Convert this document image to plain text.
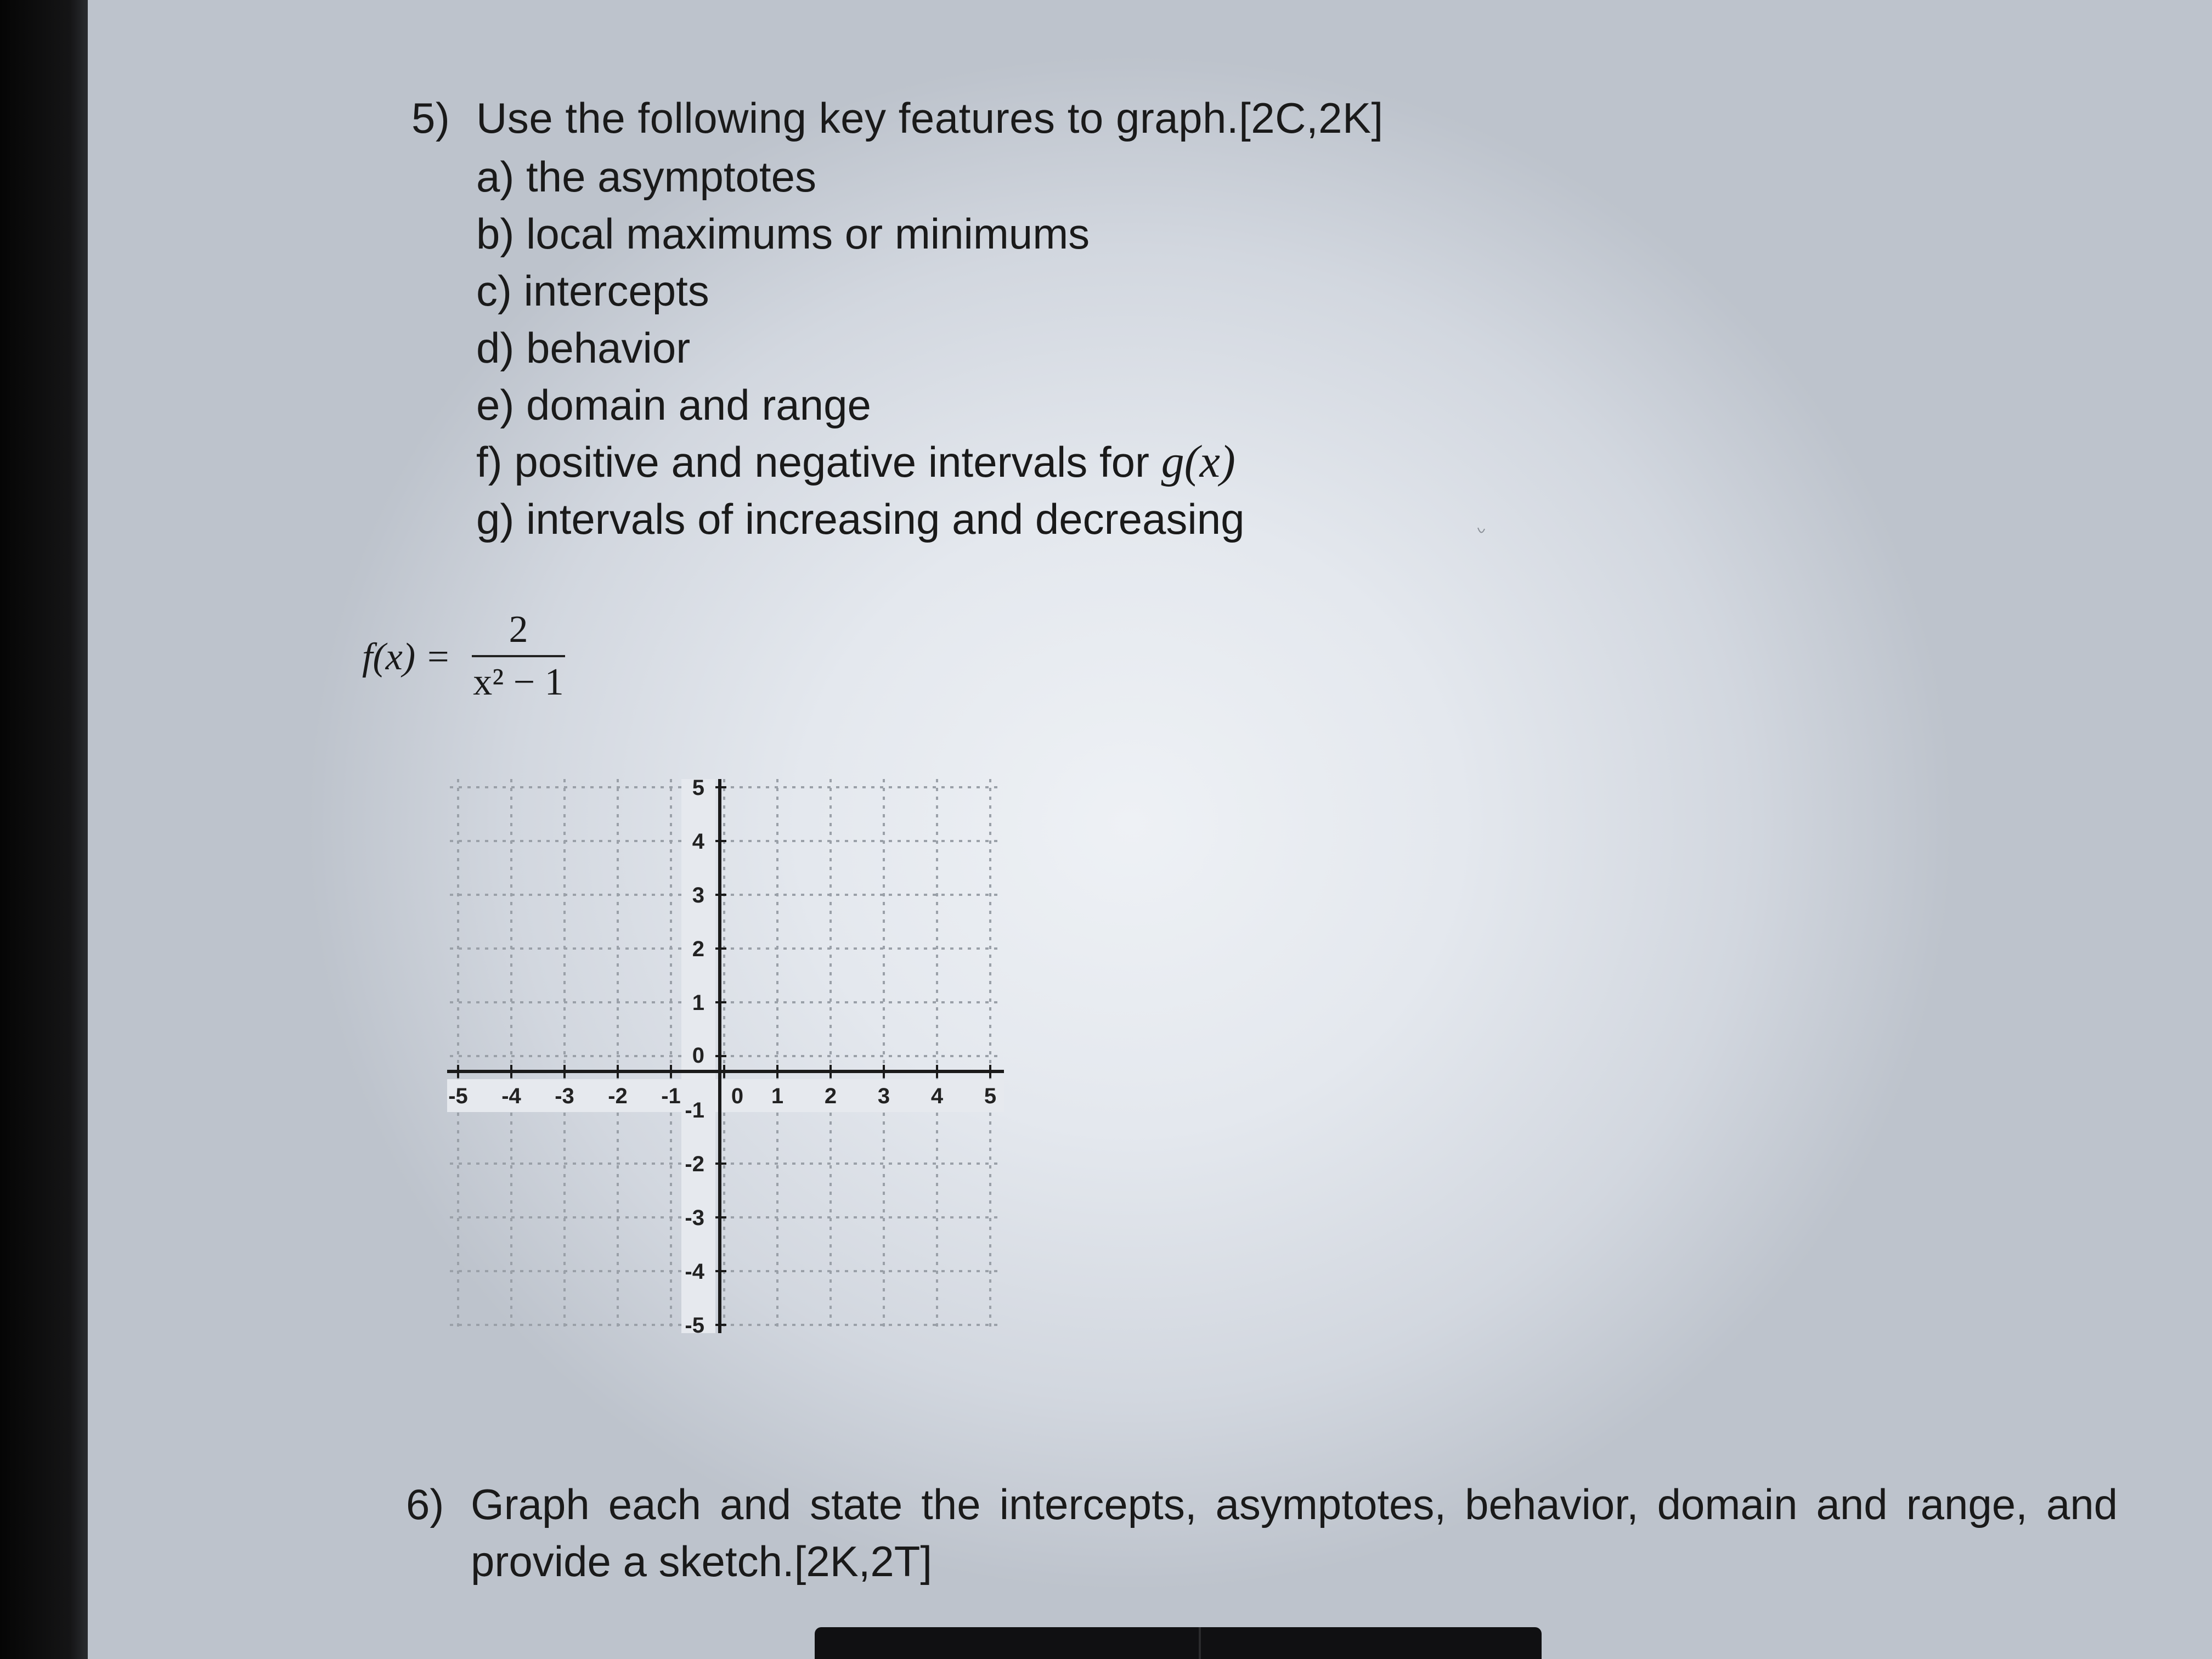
5) Use the following key features to graph.[2C,2K]
a) the asymptotes
b) local maximums or minimums
c) intercepts
d) behavior
e) domain and range
f) positive and negative intervals for g(x)
g) intervals of increasing and decreasing
f(x) =
2
x² − 1
-5 -4 -3 -2 -1 0 1 2 3 4 5
5
4
3
2
1
0
-1
-2
-3
-4
-5
6) Graph each and state the intercepts, asymptotes, behavior, domain and range, and provide a sketch.[2K,2T]
